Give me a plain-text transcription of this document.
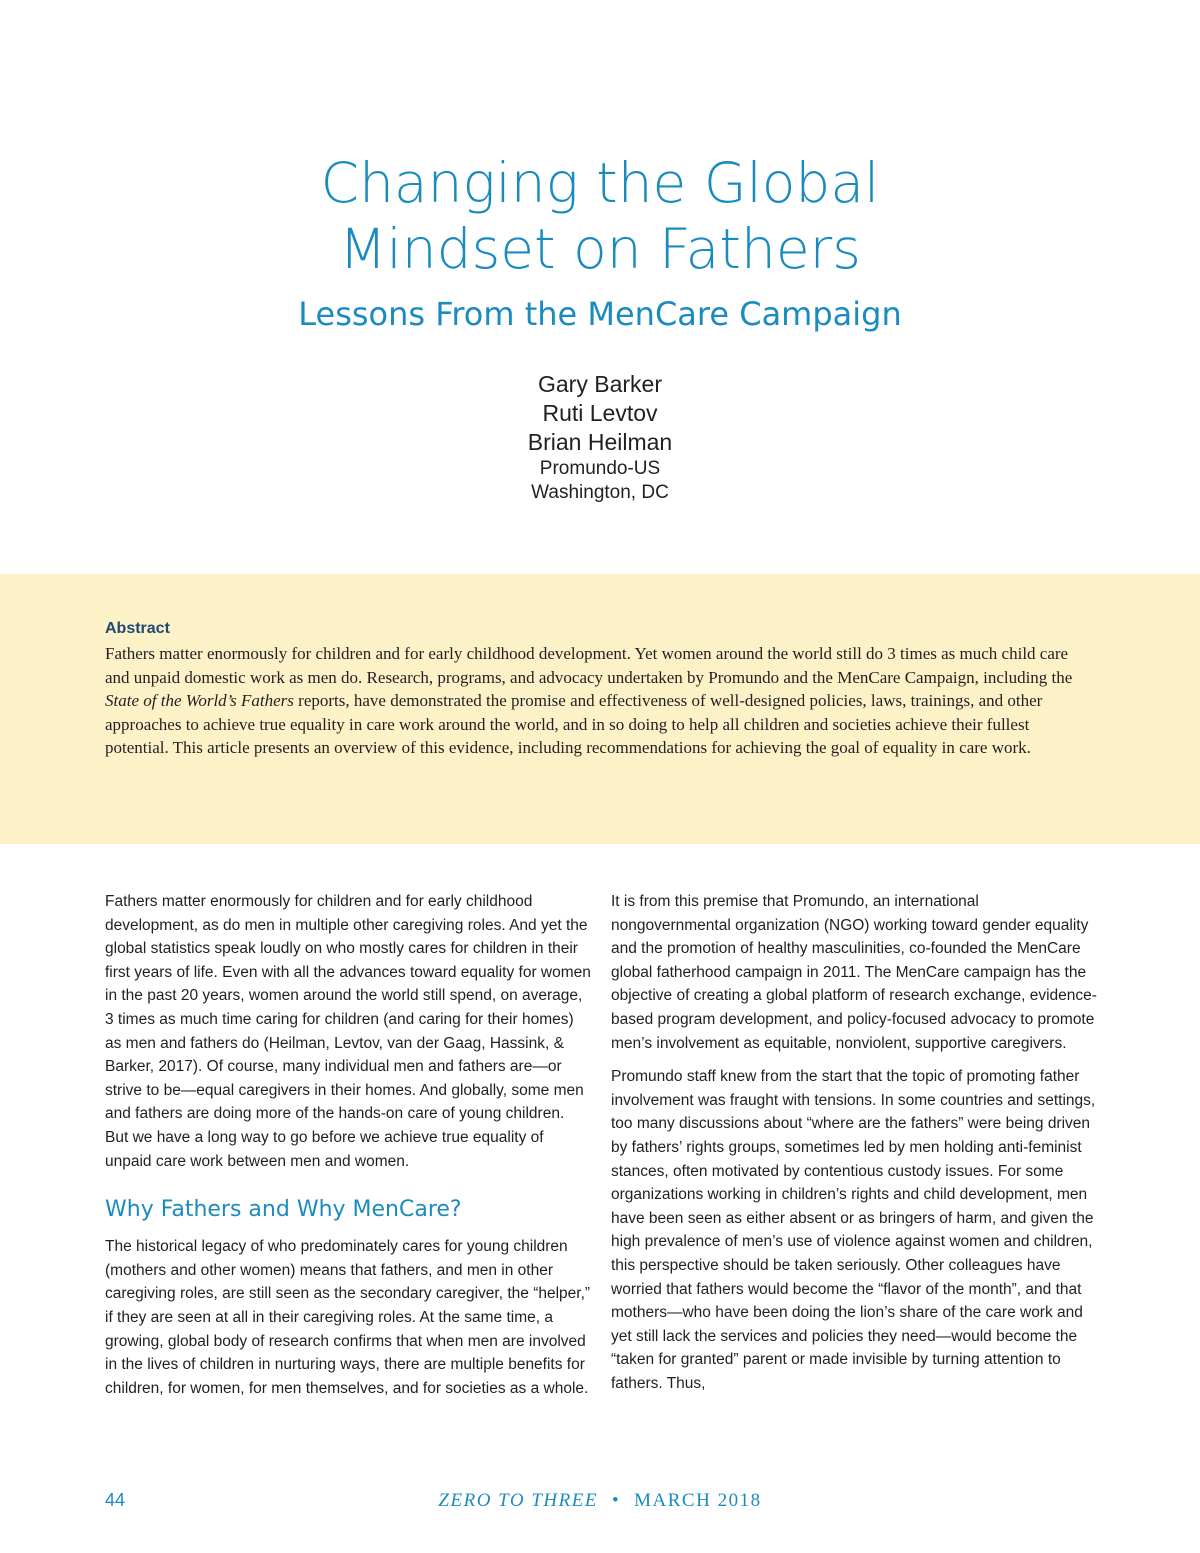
Changing the Global
Mindset on Fathers
Lessons From the MenCare Campaign
Gary Barker
Ruti Levtov
Brian Heilman
Promundo-US
Washington, DC
Abstract
Fathers matter enormously for children and for early childhood development. Yet women around the world still do 3 times as much child care and unpaid domestic work as men do. Research, programs, and advocacy undertaken by Promundo and the MenCare Campaign, including the State of the World’s Fathers reports, have demonstrated the promise and effectiveness of well-designed policies, laws, trainings, and other approaches to achieve true equality in care work around the world, and in so doing to help all children and societies achieve their fullest potential. This article presents an overview of this evidence, including recommendations for achieving the goal of equality in care work.

Fathers matter enormously for children and for early childhood development, as do men in multiple other caregiving roles. And yet the global statistics speak loudly on who mostly cares for children in their first years of life. Even with all the advances toward equality for women in the past 20 years, women around the world still spend, on average, 3 times as much time caring for children (and caring for their homes) as men and fathers do (Heilman, Levtov, van der Gaag, Hassink, & Barker, 2017). Of course, many individual men and fathers are—or strive to be—equal caregivers in their homes. And globally, some men and fathers are doing more of the hands-on care of young children. But we have a long way to go before we achieve true equality of unpaid care work between men and women.

Why Fathers and Why MenCare?

The historical legacy of who predominately cares for young children (mothers and other women) means that fathers, and men in other caregiving roles, are still seen as the secondary caregiver, the “helper,” if they are seen at all in their caregiving roles. At the same time, a growing, global body of research confirms that when men are involved in the lives of children in nurturing ways, there are multiple benefits for children, for women, for men themselves, and for societies as a whole.

It is from this premise that Promundo, an international nongovernmental organization (NGO) working toward gender equality and the promotion of healthy masculinities, co-founded the MenCare global fatherhood campaign in 2011. The MenCare campaign has the objective of creating a global platform of research exchange, evidence-based program development, and policy-focused advocacy to promote men’s involvement as equitable, nonviolent, supportive caregivers.

Promundo staff knew from the start that the topic of promoting father involvement was fraught with tensions. In some countries and settings, too many discussions about “where are the fathers” were being driven by fathers’ rights groups, sometimes led by men holding anti-feminist stances, often motivated by contentious custody issues. For some organizations working in children’s rights and child development, men have been seen as either absent or as bringers of harm, and given the high prevalence of men’s use of violence against women and children, this perspective should be taken seriously. Other colleagues have worried that fathers would become the “flavor of the month”, and that mothers—who have been doing the lion’s share of the care work and yet still lack the services and policies they need—would become the “taken for granted” parent or made invisible by turning attention to fathers. Thus,

44	ZERO TO THREE • MARCH 2018
